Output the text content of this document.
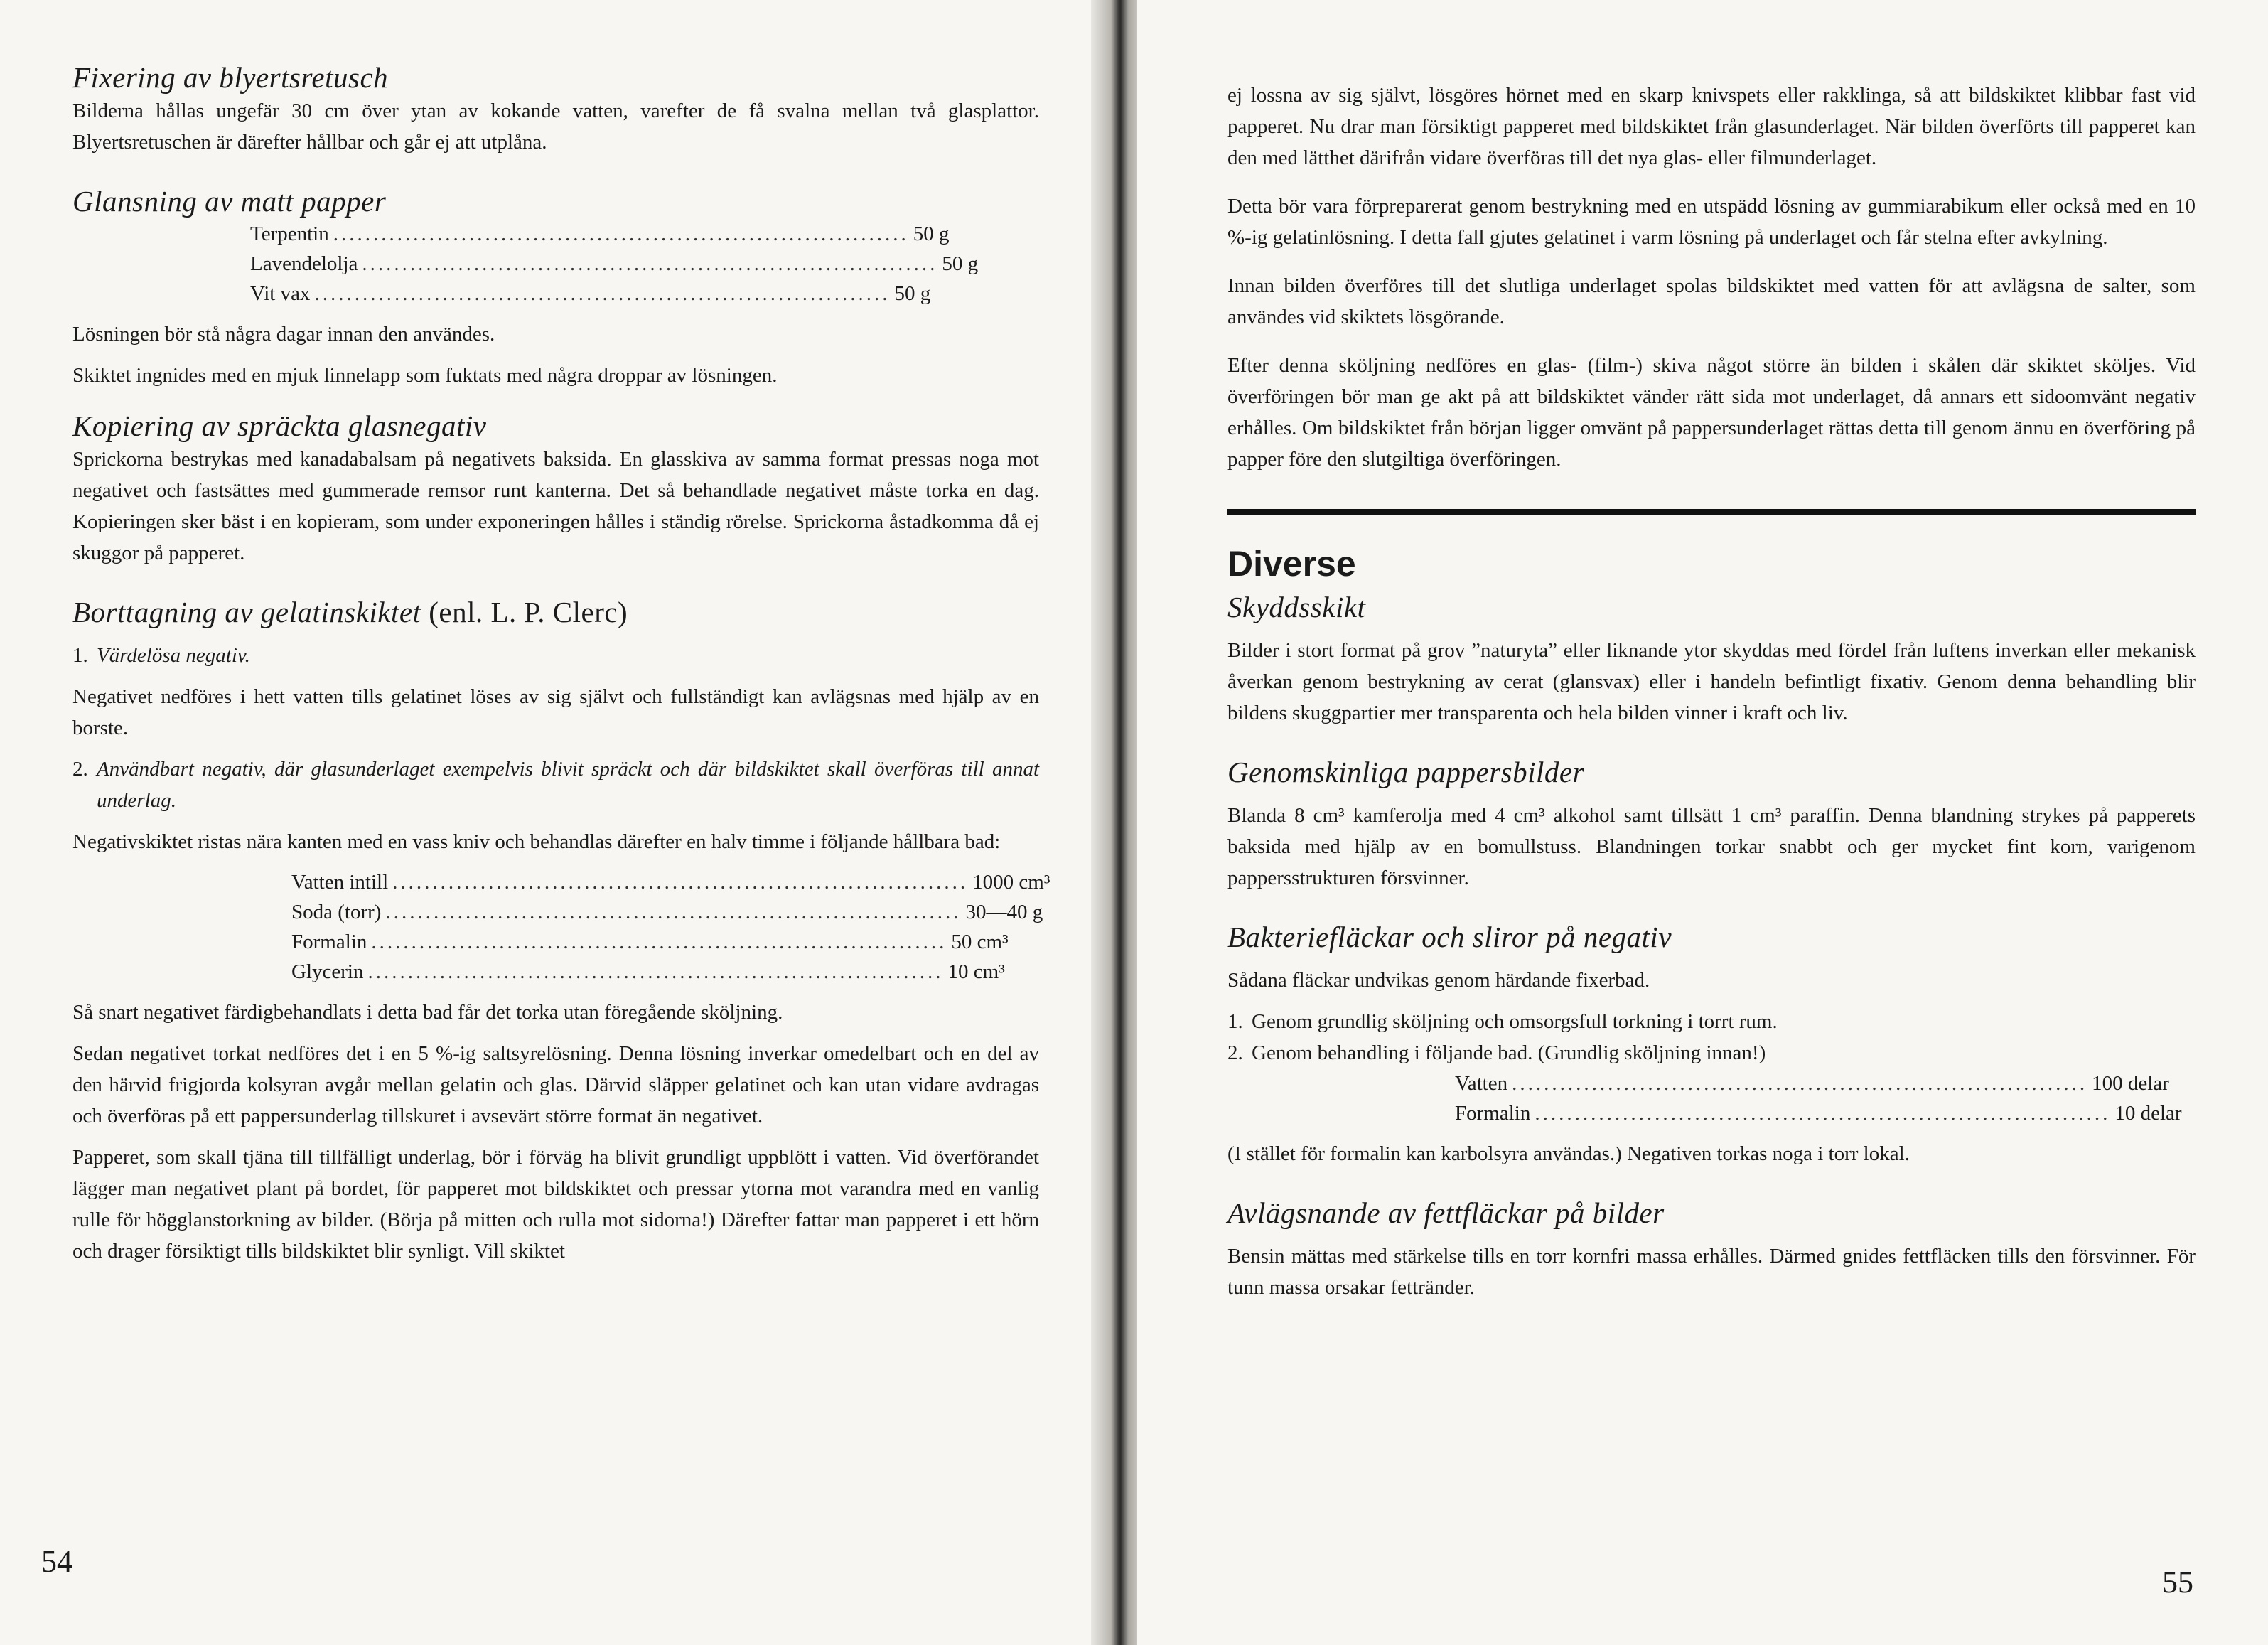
Fixering av blyertsretusch

Bilderna hållas ungefär 30 cm över ytan av kokande vatten, varefter de få svalna mellan två glasplattor. Blyertsretuschen är därefter hållbar och går ej att utplåna.

Glansning av matt papper
Terpentin ........................................................................ 50 g
Lavendelolja ........................................................................ 50 g
Vit vax ........................................................................ 50 g

Lösningen bör stå några dagar innan den användes.

Skiktet ingnides med en mjuk linnelapp som fuktats med några droppar av lösningen.

Kopiering av spräckta glasnegativ

Sprickorna bestrykas med kanadabalsam på negativets baksida. En glasskiva av samma format pressas noga mot negativet och fastsättes med gummerade remsor runt kanterna. Det så behandlade negativet måste torka en dag. Kopieringen sker bäst i en kopieram, som under exponeringen hålles i ständig rörelse. Sprickorna åstadkomma då ej skuggor på papperet.

Borttagning av gelatinskiktet (enl. L. P. Clerc)
1. Värdelösa negativ.

Negativet nedföres i hett vatten tills gelatinet löses av sig självt och fullständigt kan avlägsnas med hjälp av en borste.

2. Användbart negativ, där glasunderlaget exempelvis blivit spräckt och där bildskiktet skall överföras till annat underlag.

Negativskiktet ristas nära kanten med en vass kniv och behandlas därefter en halv timme i följande hållbara bad:

Vatten intill ........................................................................ 1000 cm³
Soda (torr) ........................................................................ 30—40 g
Formalin ........................................................................ 50 cm³
Glycerin ........................................................................ 10 cm³

Så snart negativet färdigbehandlats i detta bad får det torka utan föregående sköljning.

Sedan negativet torkat nedföres det i en 5 %-ig saltsyrelösning. Denna lösning inverkar omedelbart och en del av den härvid frigjorda kolsyran avgår mellan gelatin och glas. Därvid släpper gelatinet och kan utan vidare avdragas och överföras på ett pappersunderlag tillskuret i avsevärt större format än negativet.

Papperet, som skall tjäna till tillfälligt underlag, bör i förväg ha blivit grundligt uppblött i vatten. Vid överförandet lägger man negativet plant på bordet, för papperet mot bildskiktet och pressar ytorna mot varandra med en vanlig rulle för högglanstorkning av bilder. (Börja på mitten och rulla mot sidorna!) Därefter fattar man papperet i ett hörn och drager försiktigt tills bildskiktet blir synligt. Vill skiktet

54

ej lossna av sig självt, lösgöres hörnet med en skarp knivspets eller rakklinga, så att bildskiktet klibbar fast vid papperet. Nu drar man försiktigt papperet med bildskiktet från glasunderlaget. När bilden överförts till papperet kan den med lätthet därifrån vidare överföras till det nya glas- eller filmunderlaget.

Detta bör vara förpreparerat genom bestrykning med en utspädd lösning av gummiarabikum eller också med en 10 %-ig gelatinlösning. I detta fall gjutes gelatinet i varm lösning på underlaget och får stelna efter avkylning.

Innan bilden överföres till det slutliga underlaget spolas bildskiktet med vatten för att avlägsna de salter, som användes vid skiktets lösgörande.

Efter denna sköljning nedföres en glas- (film-) skiva något större än bilden i skålen där skiktet sköljes. Vid överföringen bör man ge akt på att bildskiktet vänder rätt sida mot underlaget, då annars ett sidoomvänt negativ erhålles. Om bildskiktet från början ligger omvänt på pappersunderlaget rättas detta till genom ännu en överföring på papper före den slutgiltiga överföringen.

Diverse
Skyddsskikt

Bilder i stort format på grov ”naturyta” eller liknande ytor skyddas med fördel från luftens inverkan eller mekanisk åverkan genom bestrykning av cerat (glansvax) eller i handeln befintligt fixativ. Genom denna behandling blir bildens skuggpartier mer transparenta och hela bilden vinner i kraft och liv.

Genomskinliga pappersbilder

Blanda 8 cm³ kamferolja med 4 cm³ alkohol samt tillsätt 1 cm³ paraffin. Denna blandning strykes på papperets baksida med hjälp av en bomullstuss. Blandningen torkar snabbt och ger mycket fint korn, varigenom pappersstrukturen försvinner.

Bakteriefläckar och sliror på negativ

Sådana fläckar undvikas genom härdande fixerbad.

1. Genom grundlig sköljning och omsorgsfull torkning i torrt rum.
2. Genom behandling i följande bad. (Grundlig sköljning innan!)
Vatten ........................................................................ 100 delar
Formalin ........................................................................ 10 delar

(I stället för formalin kan karbolsyra användas.) Negativen torkas noga i torr lokal.

Avlägsnande av fettfläckar på bilder

Bensin mättas med stärkelse tills en torr kornfri massa erhålles. Därmed gnides fettfläcken tills den försvinner. För tunn massa orsakar fettränder.

55
